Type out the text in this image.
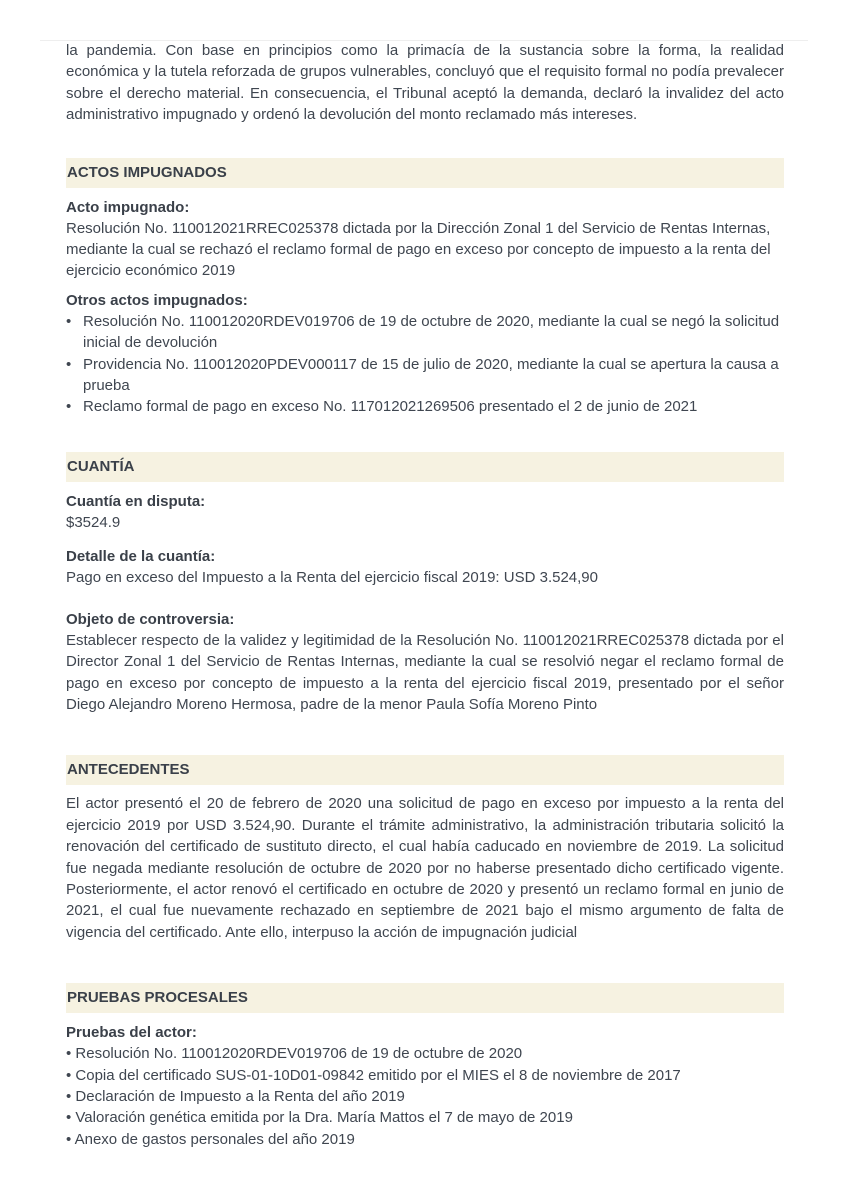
la pandemia. Con base en principios como la primacía de la sustancia sobre la forma, la realidad económica y la tutela reforzada de grupos vulnerables, concluyó que el requisito formal no podía prevalecer sobre el derecho material. En consecuencia, el Tribunal aceptó la demanda, declaró la invalidez del acto administrativo impugnado y ordenó la devolución del monto reclamado más intereses.

ACTOS IMPUGNADOS
Acto impugnado:

Resolución No. 110012021RREC025378 dictada por la Dirección Zonal 1 del Servicio de Rentas Internas, mediante la cual se rechazó el reclamo formal de pago en exceso por concepto de impuesto a la renta del ejercicio económico 2019

Otros actos impugnados:
• Resolución No. 110012020RDEV019706 de 19 de octubre de 2020, mediante la cual se negó la solicitud inicial de devolución
• Providencia No. 110012020PDEV000117 de 15 de julio de 2020, mediante la cual se apertura la causa a prueba
• Reclamo formal de pago en exceso No. 117012021269506 presentado el 2 de junio de 2021
CUANTÍA
Cuantía en disputa:
$3524.9
Detalle de la cuantía:
Pago en exceso del Impuesto a la Renta del ejercicio fiscal 2019: USD 3.524,90
Objeto de controversia:

Establecer respecto de la validez y legitimidad de la Resolución No. 110012021RREC025378 dictada por el Director Zonal 1 del Servicio de Rentas Internas, mediante la cual se resolvió negar el reclamo formal de pago en exceso por concepto de impuesto a la renta del ejercicio fiscal 2019, presentado por el señor Diego Alejandro Moreno Hermosa, padre de la menor Paula Sofía Moreno Pinto

ANTECEDENTES

El actor presentó el 20 de febrero de 2020 una solicitud de pago en exceso por impuesto a la renta del ejercicio 2019 por USD 3.524,90. Durante el trámite administrativo, la administración tributaria solicitó la renovación del certificado de sustituto directo, el cual había caducado en noviembre de 2019. La solicitud fue negada mediante resolución de octubre de 2020 por no haberse presentado dicho certificado vigente. Posteriormente, el actor renovó el certificado en octubre de 2020 y presentó un reclamo formal en junio de 2021, el cual fue nuevamente rechazado en septiembre de 2021 bajo el mismo argumento de falta de vigencia del certificado. Ante ello, interpuso la acción de impugnación judicial

PRUEBAS PROCESALES
Pruebas del actor:
• Resolución No. 110012020RDEV019706 de 19 de octubre de 2020
• Copia del certificado SUS-01-10D01-09842 emitido por el MIES el 8 de noviembre de 2017
• Declaración de Impuesto a la Renta del año 2019
• Valoración genética emitida por la Dra. María Mattos el 7 de mayo de 2019
• Anexo de gastos personales del año 2019
